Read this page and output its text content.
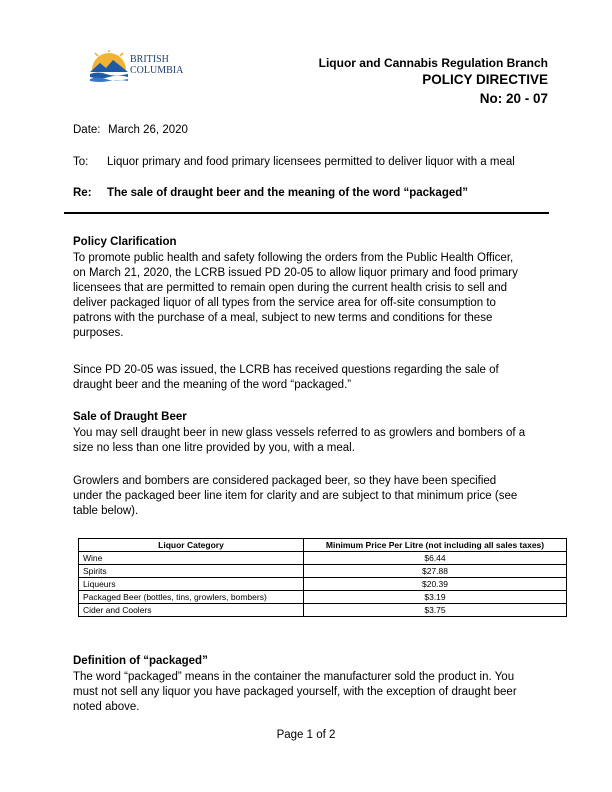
BRITISH
COLUMBIA
Liquor and Cannabis Regulation Branch
POLICY DIRECTIVE
No: 20 - 07
Date: March 26, 2020
To: Liquor primary and food primary licensees permitted to deliver liquor with a meal
Re: The sale of draught beer and the meaning of the word “packaged”
Policy Clarification
To promote public health and safety following the orders from the Public Health Officer,
on March 21, 2020, the LCRB issued PD 20-05 to allow liquor primary and food primary
licensees that are permitted to remain open during the current health crisis to sell and
deliver packaged liquor of all types from the service area for off-site consumption to
patrons with the purchase of a meal, subject to new terms and conditions for these
purposes.
Since PD 20-05 was issued, the LCRB has received questions regarding the sale of
draught beer and the meaning of the word “packaged.”
Sale of Draught Beer
You may sell draught beer in new glass vessels referred to as growlers and bombers of a
size no less than one litre provided by you, with a meal.
Growlers and bombers are considered packaged beer, so they have been specified
under the packaged beer line item for clarity and are subject to that minimum price (see
table below).
Liquor Category	Minimum Price Per Litre (not including all sales taxes)
Wine	$6.44
Spirits	$27.88
Liqueurs	$20.39
Packaged Beer (bottles, tins, growlers, bombers)	$3.19
Cider and Coolers	$3.75
Definition of “packaged”
The word “packaged” means in the container the manufacturer sold the product in. You
must not sell any liquor you have packaged yourself, with the exception of draught beer
noted above.
Page 1 of 2
